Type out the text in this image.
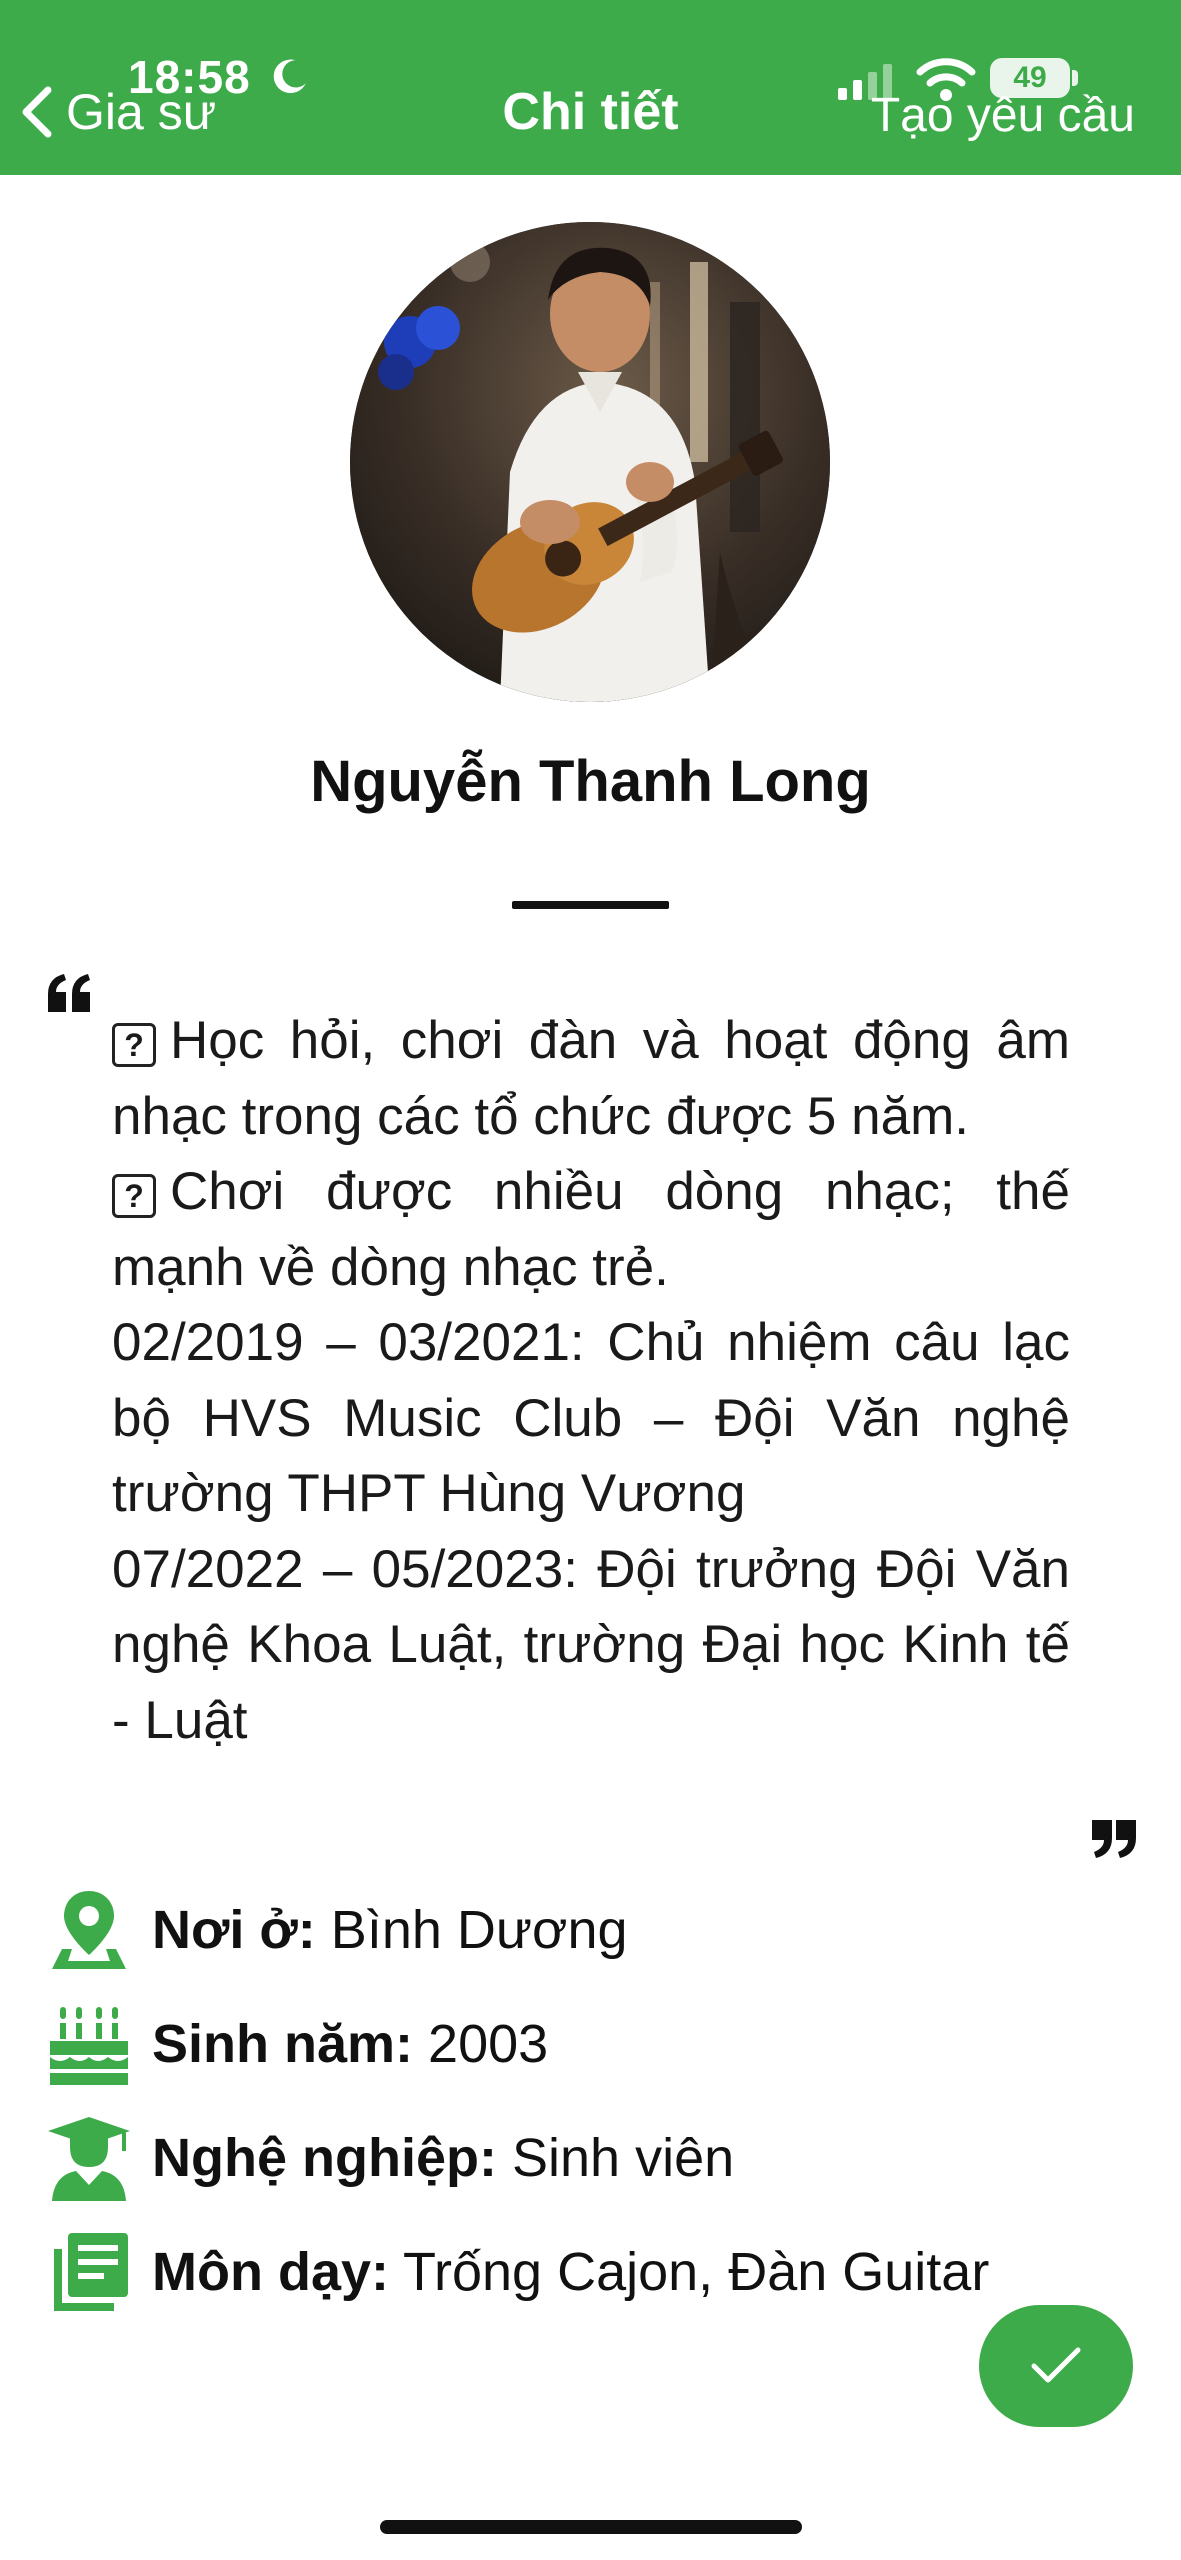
18:58
Gia sư	Chi tiết
49
Tạo yêu cầu
Nguyễn Thanh Long
? Học hỏi, chơi đàn và hoạt động âm nhạc trong các tổ chức được 5 năm.
? Chơi được nhiều dòng nhạc; thế mạnh về dòng nhạc trẻ.
02/2019 – 03/2021: Chủ nhiệm câu lạc bộ HVS Music Club – Đội Văn nghệ trường THPT Hùng Vương
07/2022 – 05/2023: Đội trưởng Đội Văn nghệ Khoa Luật, trường Đại học Kinh tế - Luật
Nơi ở: Bình Dương
Sinh năm: 2003
Nghệ nghiệp: Sinh viên
Môn dạy: Trống Cajon, Đàn Guitar
